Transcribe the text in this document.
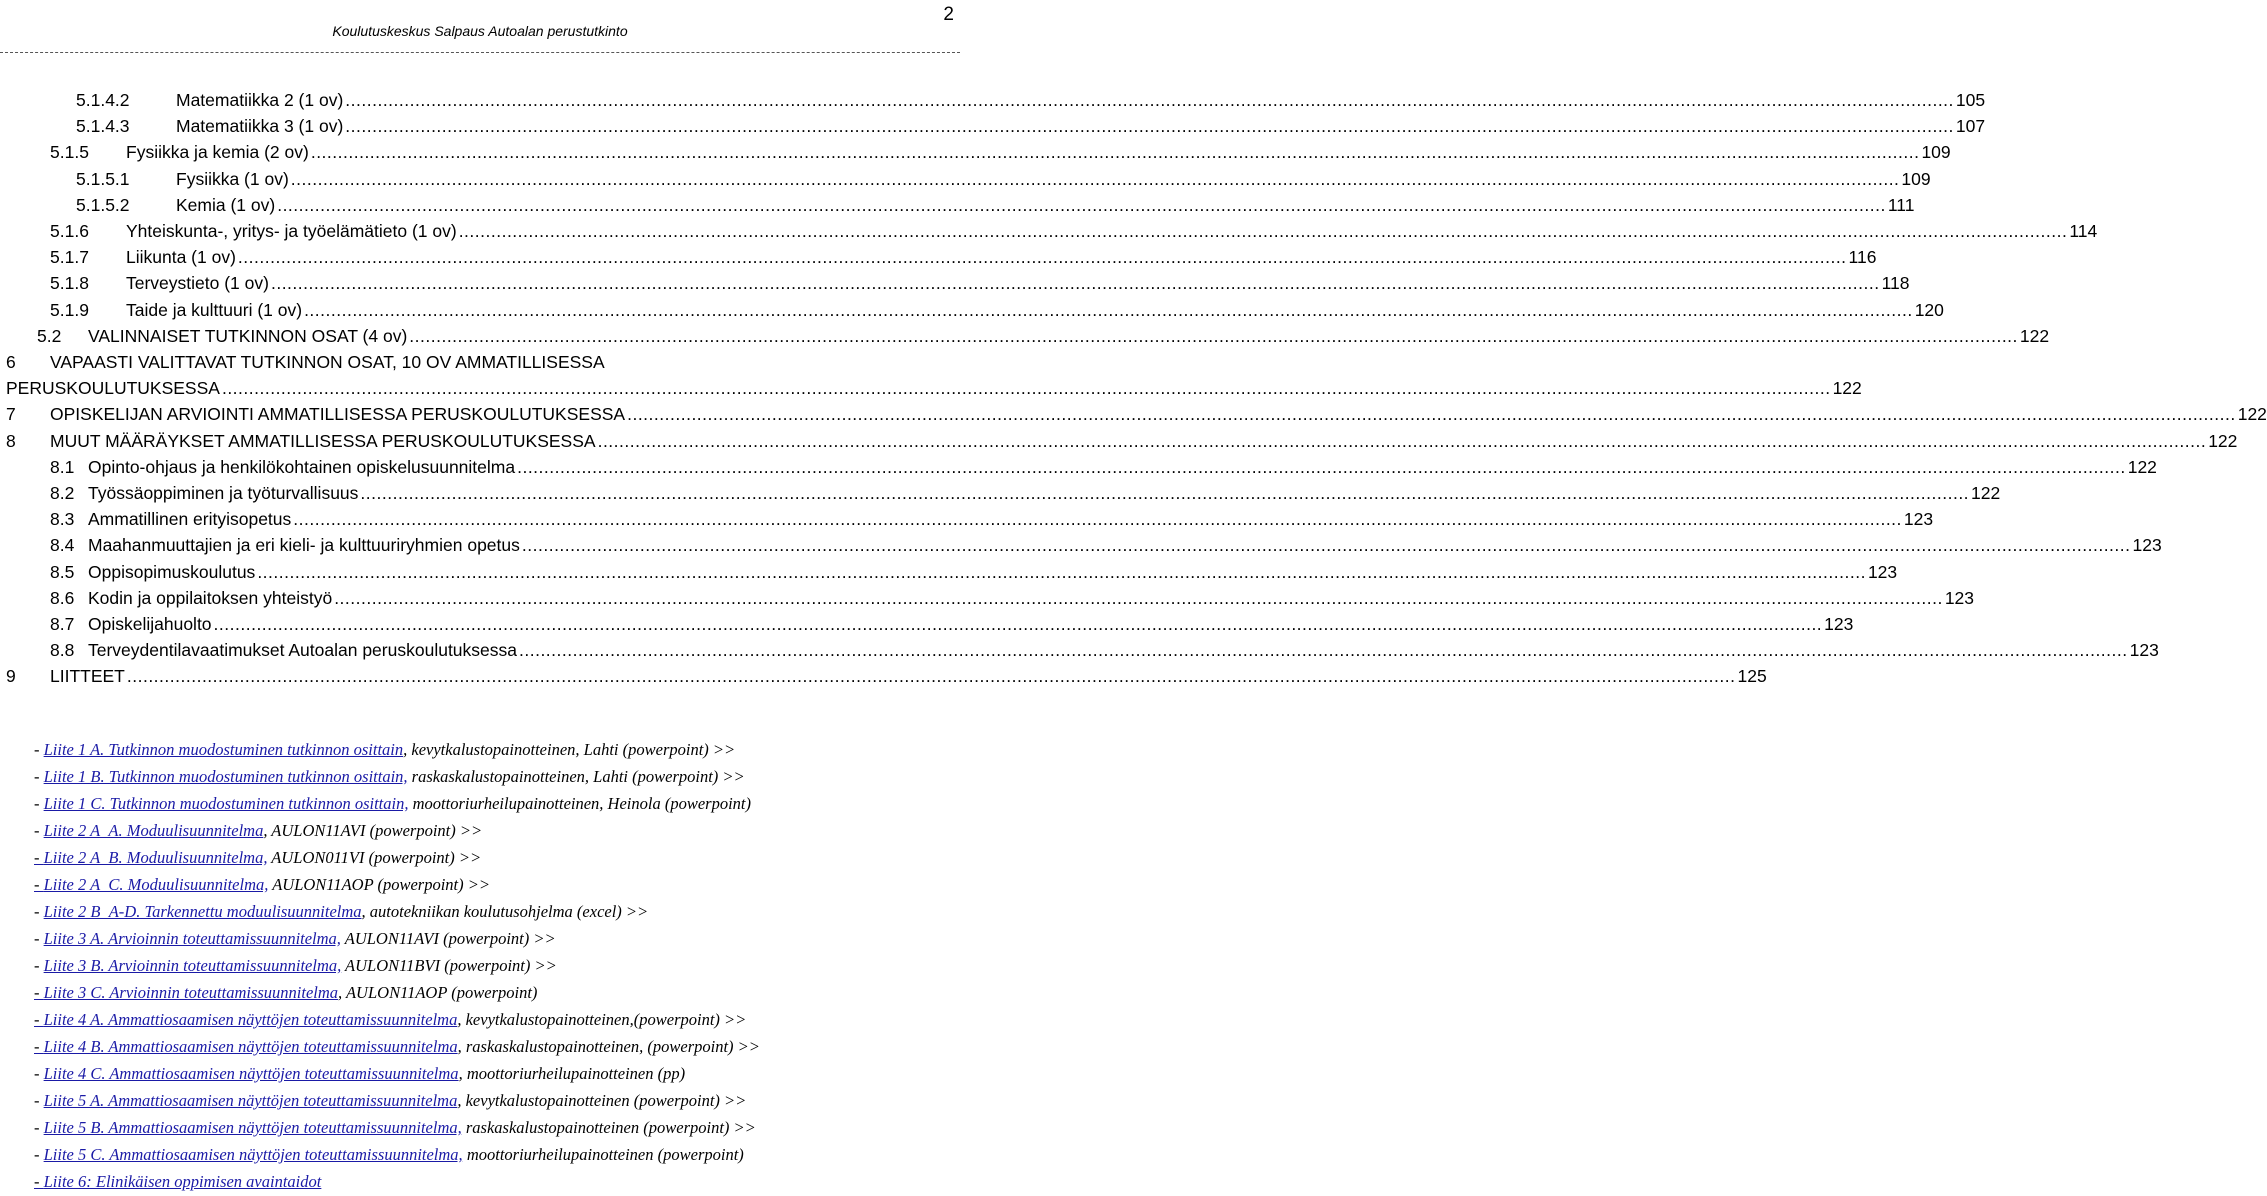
2
Koulutuskeskus Salpaus Autoalan perustutkinto
5.1.4.2	Matematiikka 2 (1 ov) ............................................................................................................................................................................................................................................................................................................ 105
5.1.4.3	Matematiikka 3 (1 ov) ............................................................................................................................................................................................................................................................................................................ 107
5.1.5 Fysiikka ja kemia (2 ov) ............................................................................................................................................................................................................................................................................................................ 109
5.1.5.1	Fysiikka (1 ov) ............................................................................................................................................................................................................................................................................................................ 109
5.1.5.2	Kemia (1 ov) ............................................................................................................................................................................................................................................................................................................ 111
5.1.6 Yhteiskunta-, yritys- ja työelämätieto (1 ov) ............................................................................................................................................................................................................................................................................................................ 114
5.1.7 Liikunta (1 ov) ............................................................................................................................................................................................................................................................................................................ 116
5.1.8 Terveystieto (1 ov) ............................................................................................................................................................................................................................................................................................................ 118
5.1.9 Taide ja kulttuuri (1 ov) ............................................................................................................................................................................................................................................................................................................ 120
5.2 VALINNAISET TUTKINNON OSAT (4 ov) ............................................................................................................................................................................................................................................................................................................ 122
6 VAPAASTI VALITTAVAT TUTKINNON OSAT, 10 OV AMMATILLISESSA
PERUSKOULUTUKSESSA ............................................................................................................................................................................................................................................................................................................ 122
7 OPISKELIJAN ARVIOINTI AMMATILLISESSA PERUSKOULUTUKSESSA ............................................................................................................................................................................................................................................................................................................ 122
8 MUUT MÄÄRÄYKSET AMMATILLISESSA PERUSKOULUTUKSESSA ............................................................................................................................................................................................................................................................................................................ 122
8.1 Opinto-ohjaus ja henkilökohtainen opiskelusuunnitelma ............................................................................................................................................................................................................................................................................................................ 122
8.2 Työssäoppiminen ja työturvallisuus ............................................................................................................................................................................................................................................................................................................ 122
8.3 Ammatillinen erityisopetus ............................................................................................................................................................................................................................................................................................................ 123
8.4 Maahanmuuttajien ja eri kieli- ja kulttuuriryhmien opetus ............................................................................................................................................................................................................................................................................................................ 123
8.5 Oppisopimuskoulutus ............................................................................................................................................................................................................................................................................................................ 123
8.6 Kodin ja oppilaitoksen yhteistyö ............................................................................................................................................................................................................................................................................................................ 123
8.7 Opiskelijahuolto ............................................................................................................................................................................................................................................................................................................ 123
8.8 Terveydentilavaatimukset Autoalan peruskoulutuksessa ............................................................................................................................................................................................................................................................................................................ 123
9 LIITTEET ............................................................................................................................................................................................................................................................................................................ 125
- Liite 1 A. Tutkinnon muodostuminen tutkinnon osittain, kevytkalustopainotteinen, Lahti (powerpoint) >>
- Liite 1 B. Tutkinnon muodostuminen tutkinnon osittain, raskaskalustopainotteinen, Lahti (powerpoint) >>
- Liite 1 C. Tutkinnon muodostuminen tutkinnon osittain, moottoriurheilupainotteinen, Heinola (powerpoint)
- Liite 2 A_A. Moduulisuunnitelma, AULON11AVI (powerpoint) >>
- Liite 2 A_B. Moduulisuunnitelma, AULON011VI (powerpoint) >>
- Liite 2 A_C. Moduulisuunnitelma, AULON11AOP (powerpoint) >>
- Liite 2 B_A-D. Tarkennettu moduulisuunnitelma, autotekniikan koulutusohjelma (excel) >>
- Liite 3 A. Arvioinnin toteuttamissuunnitelma, AULON11AVI (powerpoint) >>
- Liite 3 B. Arvioinnin toteuttamissuunnitelma, AULON11BVI (powerpoint) >>
- Liite 3 C. Arvioinnin toteuttamissuunnitelma, AULON11AOP (powerpoint)
- Liite 4 A. Ammattiosaamisen näyttöjen toteuttamissuunnitelma, kevytkalustopainotteinen,(powerpoint) >>
- Liite 4 B. Ammattiosaamisen näyttöjen toteuttamissuunnitelma, raskaskalustopainotteinen, (powerpoint) >>
- Liite 4 C. Ammattiosaamisen näyttöjen toteuttamissuunnitelma, moottoriurheilupainotteinen (pp)
- Liite 5 A. Ammattiosaamisen näyttöjen toteuttamissuunnitelma, kevytkalustopainotteinen (powerpoint) >>
- Liite 5 B. Ammattiosaamisen näyttöjen toteuttamissuunnitelma, raskaskalustopainotteinen (powerpoint) >>
- Liite 5 C. Ammattiosaamisen näyttöjen toteuttamissuunnitelma, moottoriurheilupainotteinen (powerpoint)
- Liite 6: Elinikäisen oppimisen avaintaidot
